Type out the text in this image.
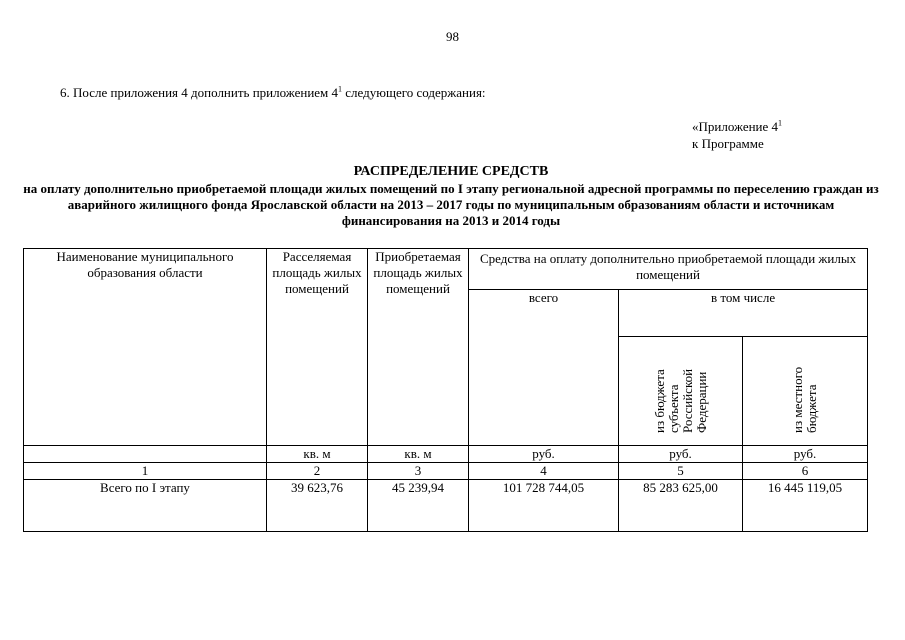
98
6. После приложения 4 дополнить приложением $4^1$ следующего содержания:
«Приложение $4^1$
к Программе
РАСПРЕДЕЛЕНИЕ СРЕДСТВ
на оплату дополнительно приобретаемой площади жилых помещений по I этапу региональной адресной программы по переселению граждан из аварийного жилищного фонда Ярославской области на 2013 – 2017 годы по муниципальным образованиям области и источникам финансирования на 2013 и 2014 годы
Наименование муниципального образования области	Расселяемая площадь жилых помещений	Приобретаемая площадь жилых помещений	Средства на оплату дополнительно приобретаемой площади жилых помещений		
			всего	в том числе	
				из бюджета субъекта Российской Федерации	из местного бюджета
	кв. м	кв. м	руб.	руб.	руб.
1	2	3	4	5	6
Всего по I этапу	39 623,76	45 239,94	101 728 744,05	85 283 625,00	16 445 119,05
